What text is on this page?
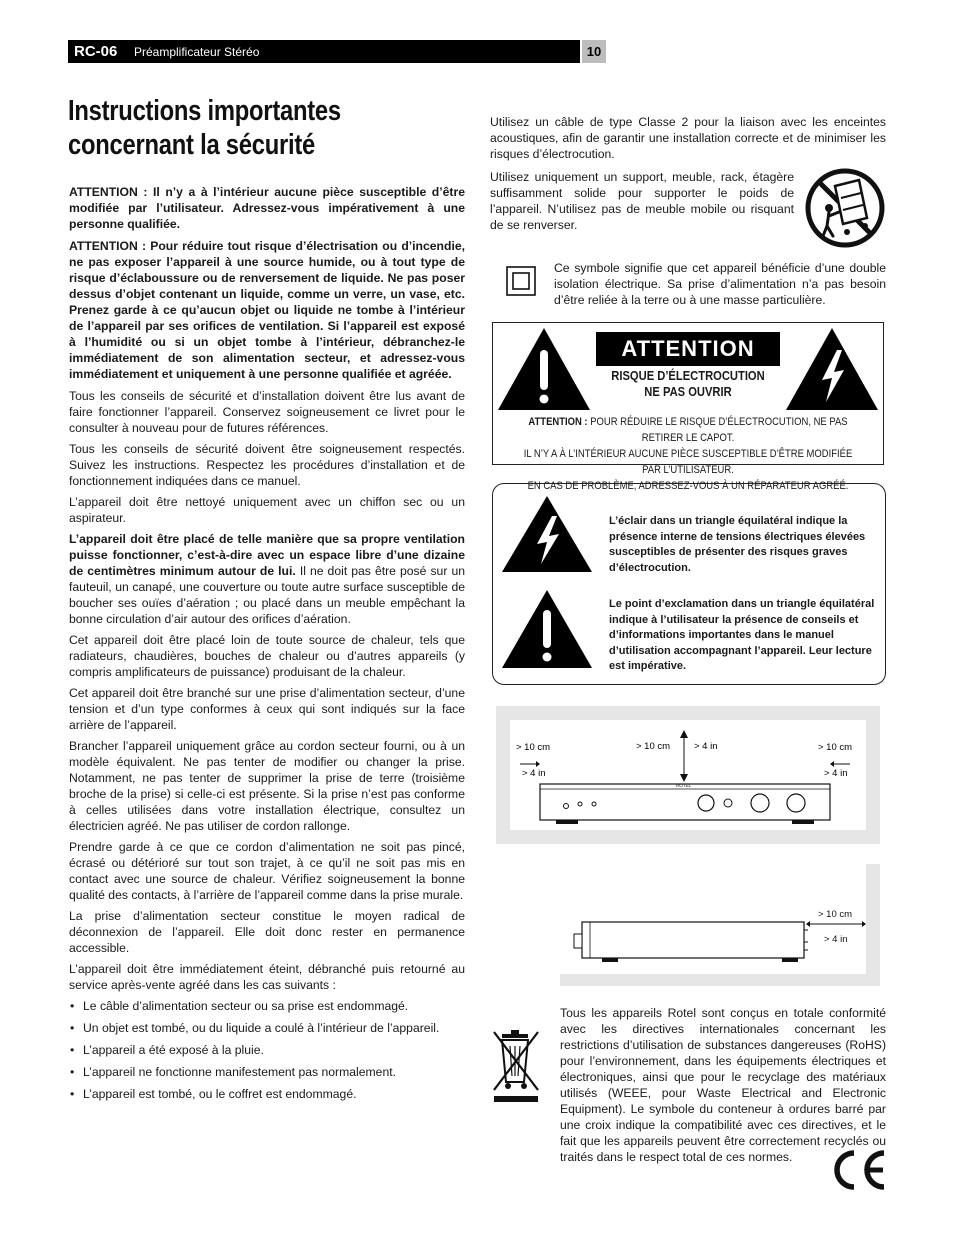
RC-06 Préamplificateur Stéréo	10
Instructions importantes concernant la sécurité

ATTENTION : Il n’y a à l’intérieur aucune pièce susceptible d’être modifiée par l’utilisateur. Adressez-vous impérativement à une personne qualifiée.

ATTENTION : Pour réduire tout risque d’électrisation ou d’incendie, ne pas exposer l’appareil à une source humide, ou à tout type de risque d’éclaboussure ou de renversement de liquide. Ne pas poser dessus d’objet contenant un liquide, comme un verre, un vase, etc. Prenez garde à ce qu’aucun objet ou liquide ne tombe à l’intérieur de l’appareil par ses orifices de ventilation. Si l’appareil est exposé à l’humidité ou si un objet tombe à l’intérieur, débranchez-le immédiatement de son alimentation secteur, et adressez-vous immédiatement et uniquement à une personne qualifiée et agréée.

Tous les conseils de sécurité et d’installation doivent être lus avant de faire fonctionner l’appareil. Conservez soigneusement ce livret pour le consulter à nouveau pour de futures références.

Tous les conseils de sécurité doivent être soigneusement respectés. Suivez les instructions. Respectez les procédures d’installation et de fonctionnement indiquées dans ce manuel.

L’appareil doit être nettoyé uniquement avec un chiffon sec ou un aspirateur.

L’appareil doit être placé de telle manière que sa propre ventilation puisse fonctionner, c’est-à-dire avec un espace libre d’une dizaine de centimètres minimum autour de lui. Il ne doit pas être posé sur un fauteuil, un canapé, une couverture ou toute autre surface susceptible de boucher ses ouïes d’aération ; ou placé dans un meuble empêchant la bonne circulation d’air autour des orifices d’aération.

Cet appareil doit être placé loin de toute source de chaleur, tels que radiateurs, chaudières, bouches de chaleur ou d’autres appareils (y compris amplificateurs de puissance) produisant de la chaleur.

Cet appareil doit être branché sur une prise d’alimentation secteur, d’une tension et d’un type conformes à ceux qui sont indiqués sur la face arrière de l’appareil.

Brancher l’appareil uniquement grâce au cordon secteur fourni, ou à un modèle équivalent. Ne pas tenter de modifier ou changer la prise. Notamment, ne pas tenter de supprimer la prise de terre (troisième broche de la prise) si celle-ci est présente. Si la prise n’est pas conforme à celles utilisées dans votre installation électrique, consultez un électricien agréé. Ne pas utiliser de cordon rallonge.

Prendre garde à ce que ce cordon d’alimentation ne soit pas pincé, écrasé ou détérioré sur tout son trajet, à ce qu’il ne soit pas mis en contact avec une source de chaleur. Vérifiez soigneusement la bonne qualité des contacts, à l’arrière de l’appareil comme dans la prise murale.

La prise d’alimentation secteur constitue le moyen radical de déconnexion de l’appareil. Elle doit donc rester en permanence accessible.

L’appareil doit être immédiatement éteint, débranché puis retourné au service après-vente agréé dans les cas suivants :

• Le câble d’alimentation secteur ou sa prise est endommagé.
• Un objet est tombé, ou du liquide a coulé à l’intérieur de l’appareil.
• L’appareil a été exposé à la pluie.
• L’appareil ne fonctionne manifestement pas normalement.
• L’appareil est tombé, ou le coffret est endommagé.
Utilisez un câble de type Classe 2 pour la liaison avec les enceintes acoustiques, afin de garantir une installation correcte et de minimiser les risques d’électrocution.
Utilisez uniquement un support, meuble, rack, étagère suffisamment solide pour supporter le poids de l’appareil. N’utilisez pas de meuble mobile ou risquant de se renverser.
Ce symbole signifie que cet appareil bénéficie d’une double isolation électrique. Sa prise d’alimentation n’a pas besoin d’être reliée à la terre ou à une masse particulière.
ATTENTION
RISQUE D’ÉLECTROCUTION
NE PAS OUVRIR
ATTENTION : POUR RÉDUIRE LE RISQUE D’ÉLECTROCUTION, NE PAS RETIRER LE CAPOT.
IL N’Y A À L’INTÉRIEUR AUCUNE PIÈCE SUSCEPTIBLE D’ÊTRE MODIFIÉE PAR L’UTILISATEUR.
EN CAS DE PROBLÈME, ADRESSEZ-VOUS À UN RÉPARATEUR AGRÉÉ.
L’éclair dans un triangle équilatéral indique la présence interne de tensions électriques élevées susceptibles de présenter des risques graves d’électrocution.
Le point d’exclamation dans un triangle équilatéral indique à l’utilisateur la présence de conseils et d’informations importantes dans le manuel d’utilisation accompagnant l’appareil. Leur lecture est impérative.
> 10 cm
> 4 in
> 10 cm	> 4 in	> 10 cm
> 4 in
ROTEL
> 10 cm
> 4 in
Tous les appareils Rotel sont conçus en totale conformité avec les directives internationales concernant les restrictions d’utilisation de substances dangereuses (RoHS) pour l’environnement, dans les équipements électriques et électroniques, ainsi que pour le recyclage des matériaux utilisés (WEEE, pour Waste Electrical and Electronic Equipment). Le symbole du conteneur à ordures barré par une croix indique la compatibilité avec ces directives, et le fait que les appareils peuvent être correctement recyclés ou traités dans le respect total de ces normes.
